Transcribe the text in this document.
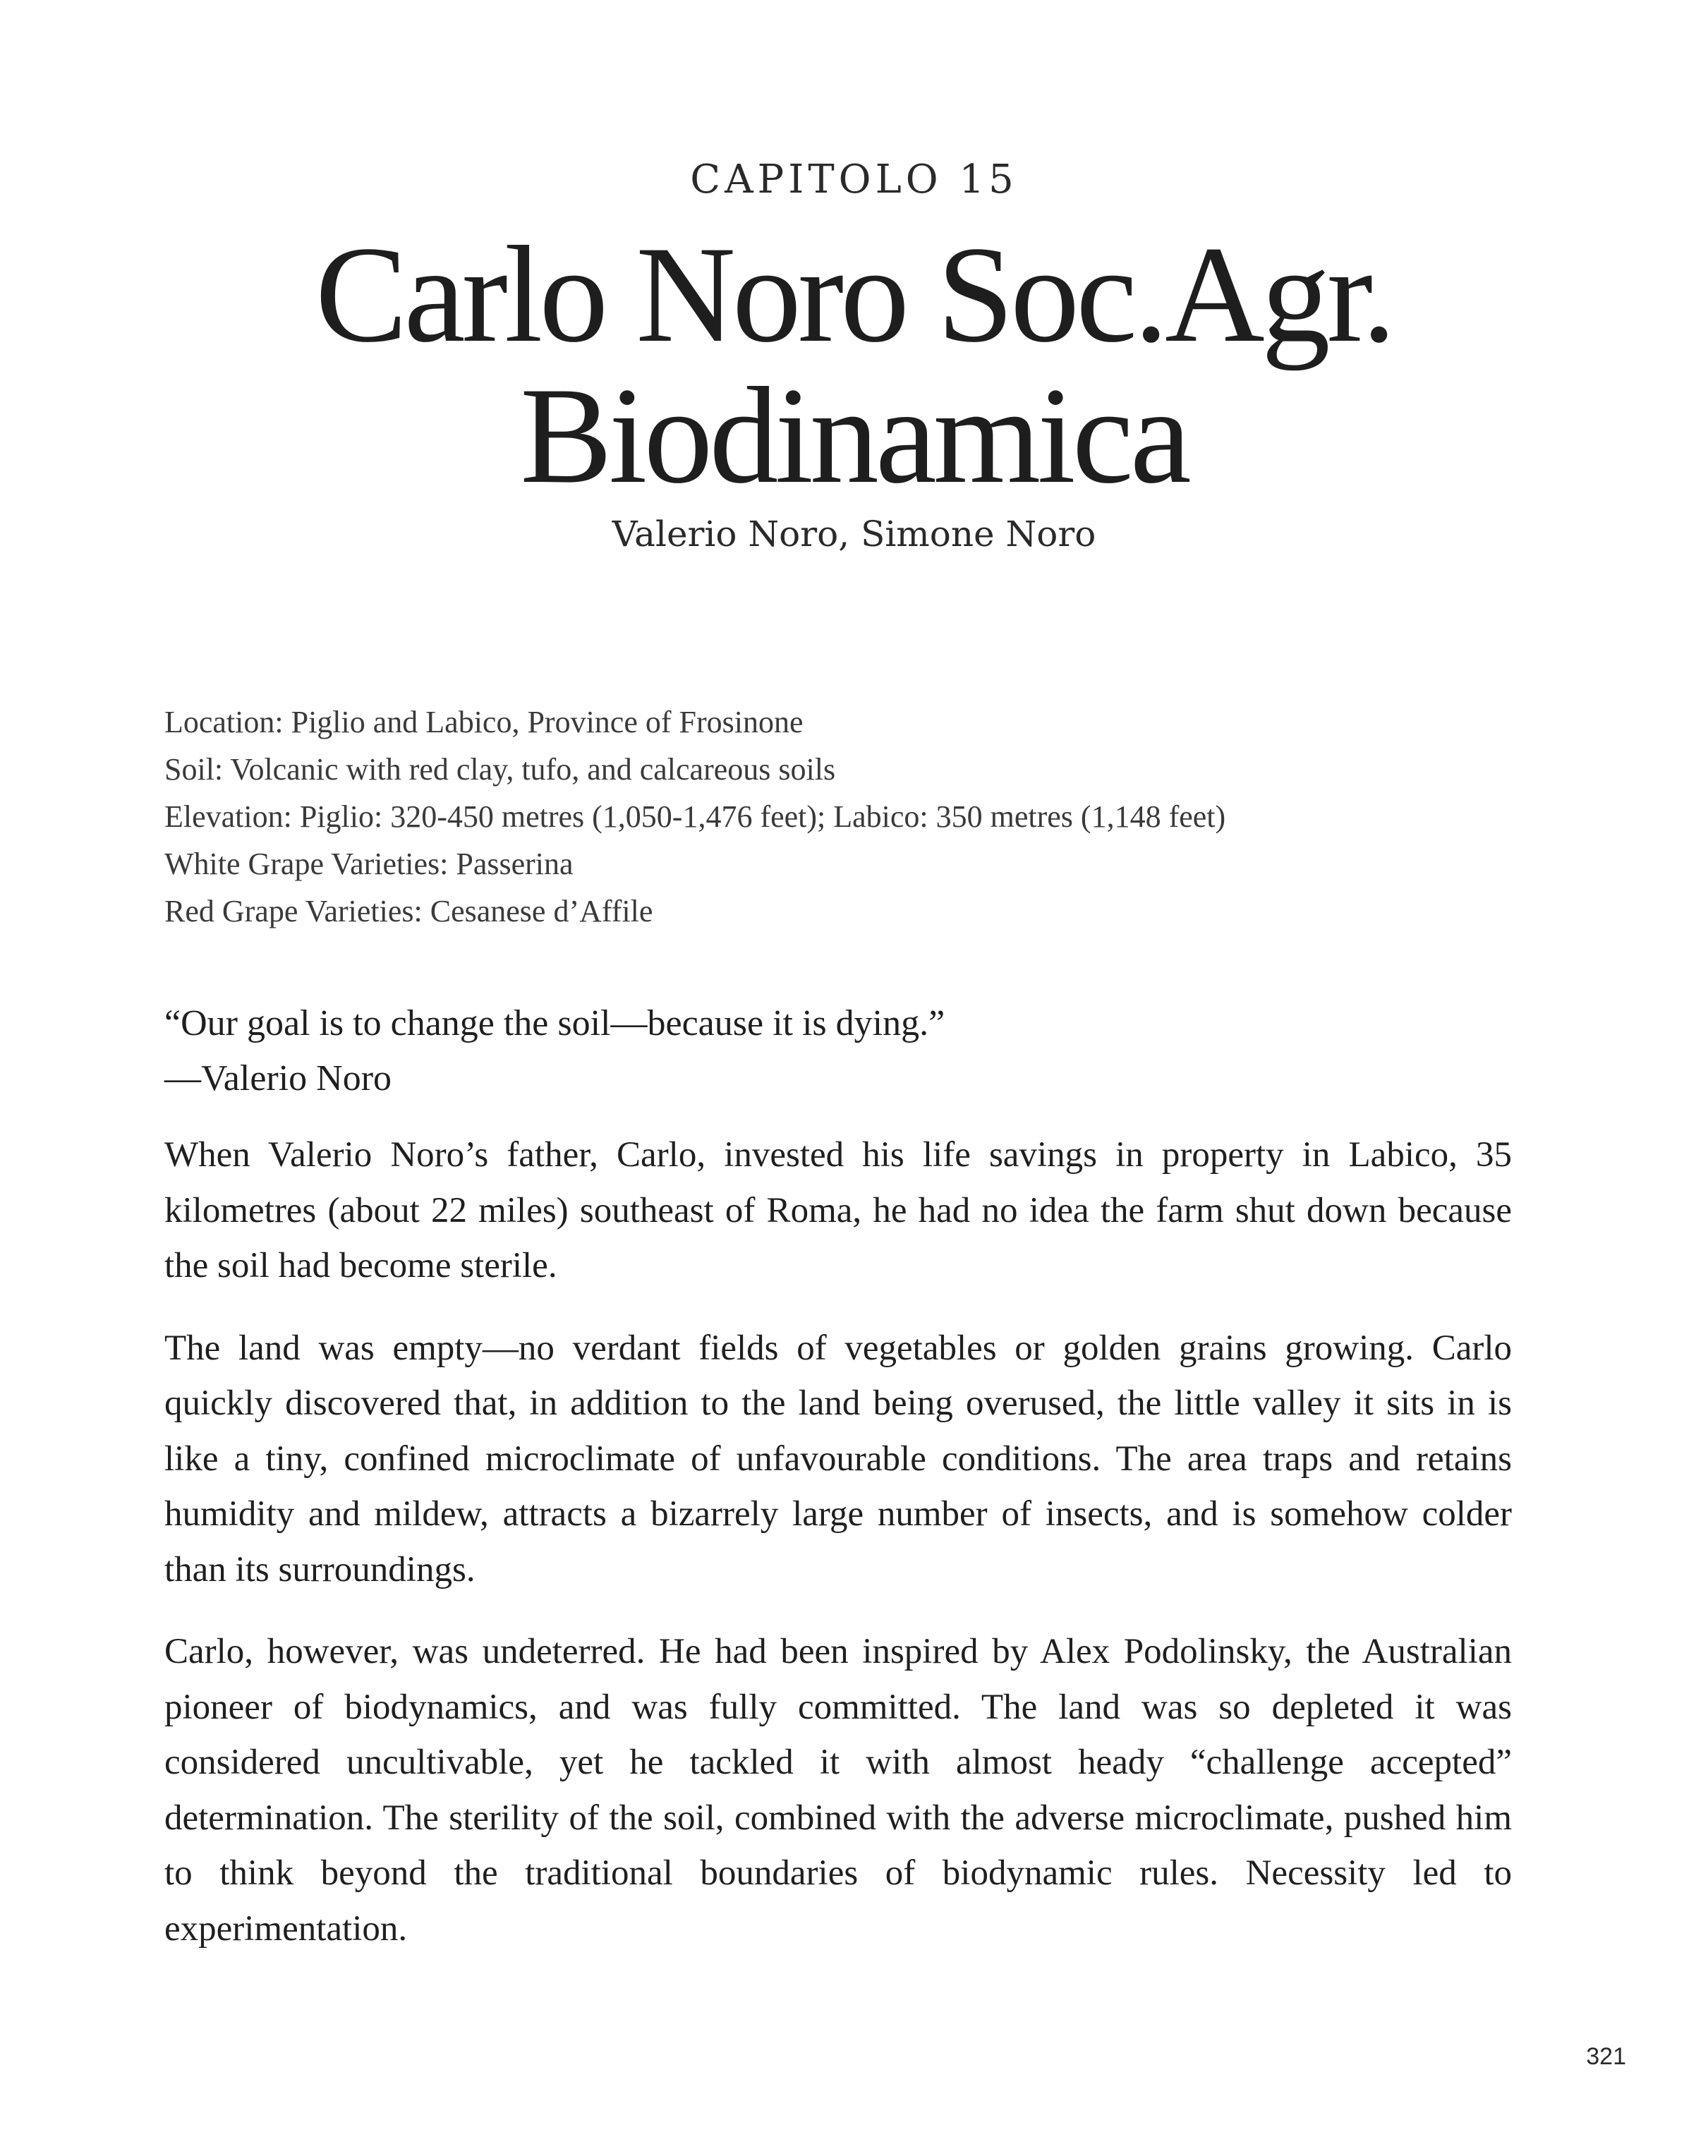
CAPITOLO 15
Carlo Noro Soc.Agr.
Biodinamica
Valerio Noro, Simone Noro
Location: Piglio and Labico, Province of Frosinone
Soil: Volcanic with red clay, tufo, and calcareous soils
Elevation: Piglio: 320-450 metres (1,050-1,476 feet); Labico: 350 metres (1,148 feet)
White Grape Varieties: Passerina
Red Grape Varieties: Cesanese d’Affile
“Our goal is to change the soil—because it is dying.”
—Valerio Noro

When Valerio Noro’s father, Carlo, invested his life savings in property in Labico, 35 kilometres (about 22 miles) southeast of Roma, he had no idea the farm shut down because the soil had become sterile.

The land was empty—no verdant fields of vegetables or golden grains growing. Carlo quickly discovered that, in addition to the land being overused, the little valley it sits in is like a tiny, confined microclimate of unfavourable conditions. The area traps and retains humidity and mildew, attracts a bizarrely large number of insects, and is somehow colder than its surroundings.

Carlo, however, was undeterred. He had been inspired by Alex Podolinsky, the Australian pioneer of biodynamics, and was fully committed. The land was so depleted it was considered uncultivable, yet he tackled it with almost heady “challenge accepted” determination. The sterility of the soil, combined with the adverse microclimate, pushed him to think beyond the traditional boundaries of biodynamic rules. Necessity led to experimentation.

321
